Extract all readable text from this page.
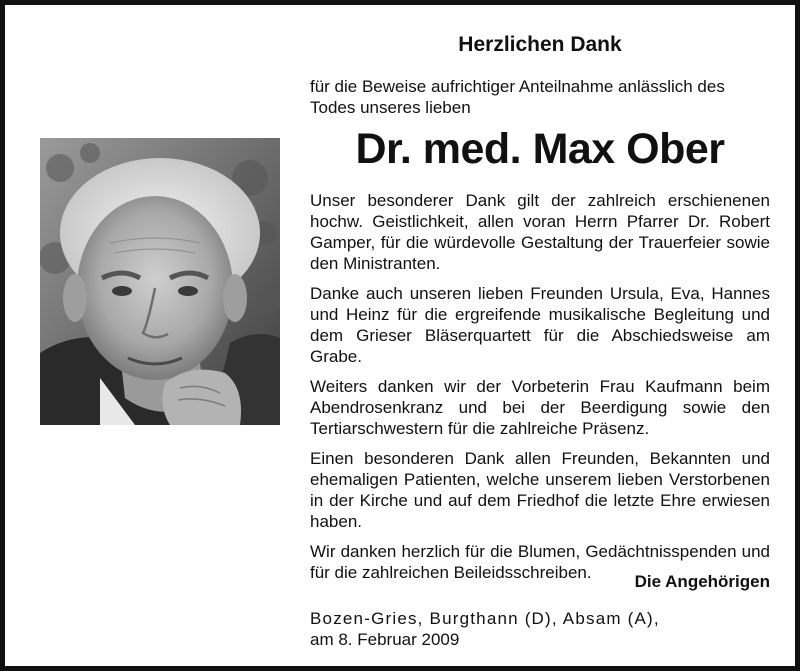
Herzlichen Dank

für die Beweise aufrichtiger Anteilnahme anlässlich des Todes unseres lieben

Dr. med. Max Ober

Unser besonderer Dank gilt der zahlreich erschienenen hochw. Geistlichkeit, allen voran Herrn Pfarrer Dr. Robert Gamper, für die würdevolle Gestaltung der Trauerfeier sowie den Ministranten.

Danke auch unseren lieben Freunden Ursula, Eva, Hannes und Heinz für die ergreifende musikalische Begleitung und dem Grieser Bläserquartett für die Abschiedsweise am Grabe.

Weiters danken wir der Vorbeterin Frau Kaufmann beim Abendrosenkranz und bei der Beerdigung sowie den Tertiarschwestern für die zahlreiche Präsenz.

Einen besonderen Dank allen Freunden, Bekannten und ehemaligen Patienten, welche unserem lieben Verstorbenen in der Kirche und auf dem Friedhof die letzte Ehre erwiesen haben.

Wir danken herzlich für die Blumen, Gedächtnisspenden und für die zahlreichen Beileidsschreiben.	Die Angehörigen

Bozen-Gries, Burgthann (D), Absam (A),

am 8. Februar 2009
